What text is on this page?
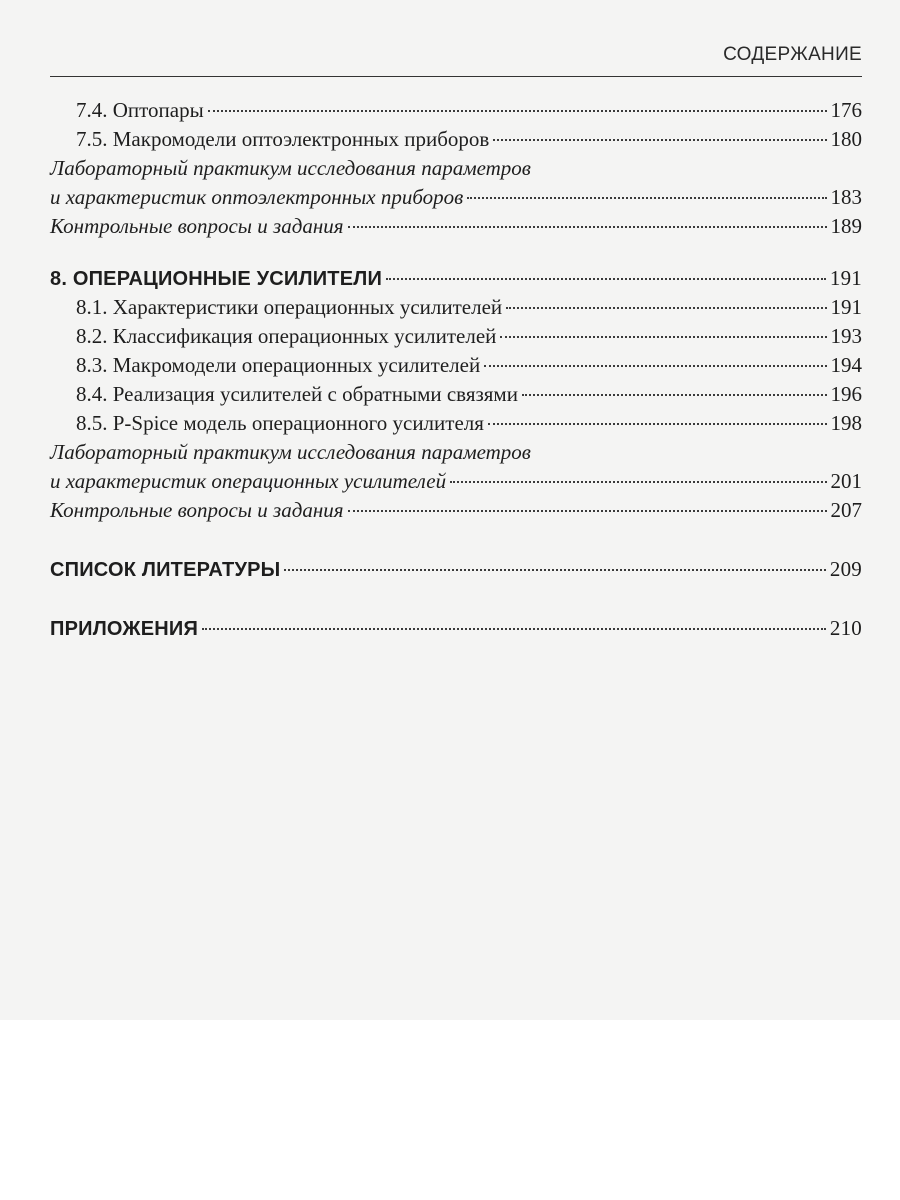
СОДЕРЖАНИЕ
7.4. Оптопары	176
7.5. Макромодели оптоэлектронных приборов	180
Лабораторный практикум исследования параметров
и характеристик оптоэлектронных приборов	183
Контрольные вопросы и задания	189
8. ОПЕРАЦИОННЫЕ УСИЛИТЕЛИ	191
8.1. Характеристики операционных усилителей	191
8.2. Классификация операционных усилителей	193
8.3. Макромодели операционных усилителей	194
8.4. Реализация усилителей с обратными связями	196
8.5. P-Spice модель операционного усилителя	198
Лабораторный практикум исследования параметров
и характеристик операционных усилителей	201
Контрольные вопросы и задания	207
СПИСОК ЛИТЕРАТУРЫ	209
ПРИЛОЖЕНИЯ	210
